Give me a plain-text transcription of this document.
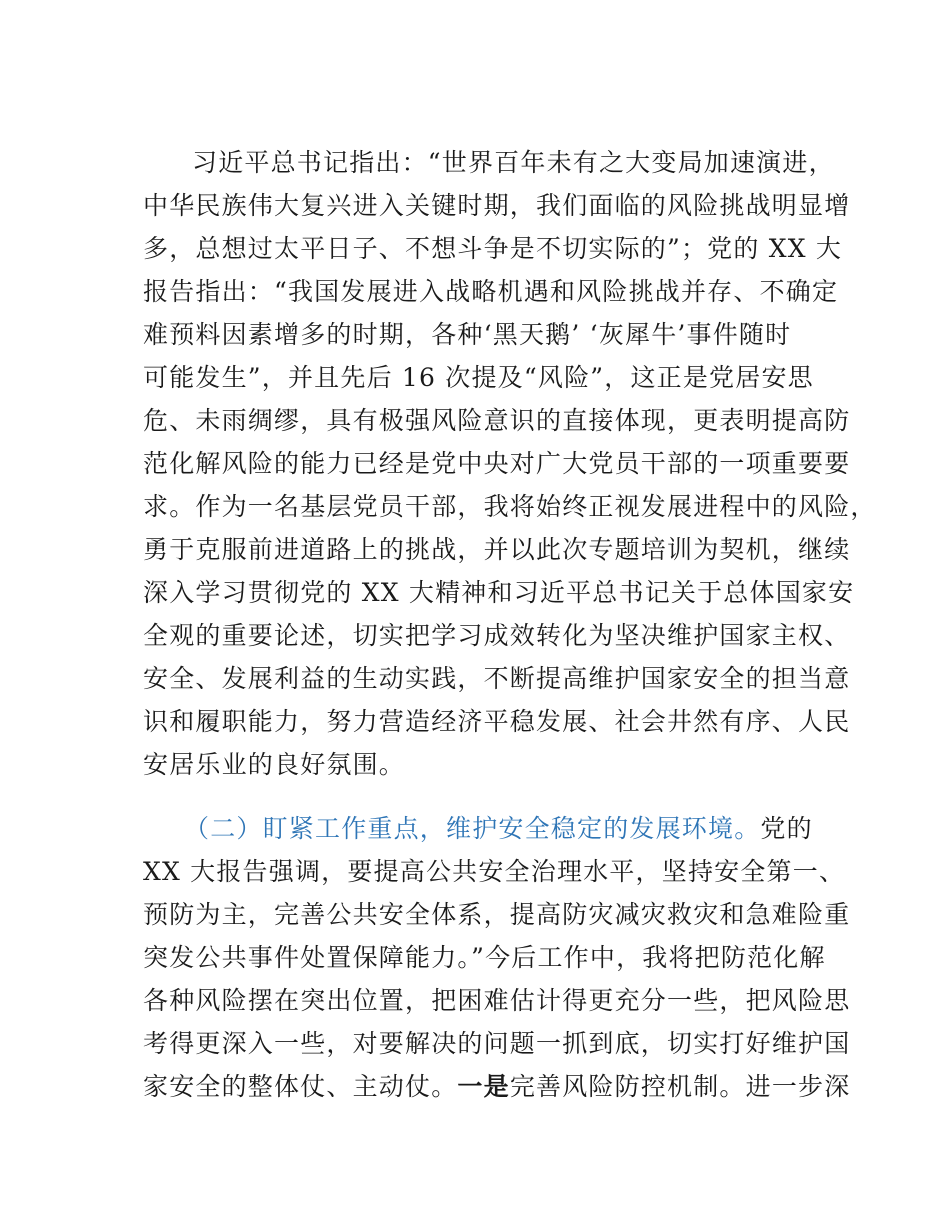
习近平总书记指出：“世界百年未有之大变局加速演进，
中华民族伟大复兴进入关键时期，我们面临的风险挑战明显增
多，总想过太平日子、不想斗争是不切实际的”；党的 XX 大
报告指出：“我国发展进入战略机遇和风险挑战并存、不确定
难预料因素增多的时期，各种‘黑天鹅’ ‘灰犀牛’事件随时
可能发生”，并且先后 16 次提及“风险”，这正是党居安思
危、未雨绸缪，具有极强风险意识的直接体现，更表明提高防
范化解风险的能力已经是党中央对广大党员干部的一项重要要
求。作为一名基层党员干部，我将始终正视发展进程中的风险，
勇于克服前进道路上的挑战，并以此次专题培训为契机，继续
深入学习贯彻党的 XX 大精神和习近平总书记关于总体国家安
全观的重要论述，切实把学习成效转化为坚决维护国家主权、
安全、发展利益的生动实践，不断提高维护国家安全的担当意
识和履职能力，努力营造经济平稳发展、社会井然有序、人民
安居乐业的良好氛围。
（二）盯紧工作重点，维护安全稳定的发展环境。党的
XX 大报告强调，要提高公共安全治理水平，坚持安全第一、
预防为主，完善公共安全体系，提高防灾减灾救灾和急难险重
突发公共事件处置保障能力。”今后工作中，我将把防范化解
各种风险摆在突出位置，把困难估计得更充分一些，把风险思
考得更深入一些，对要解决的问题一抓到底，切实打好维护国
家安全的整体仗、主动仗。一是完善风险防控机制。进一步深
